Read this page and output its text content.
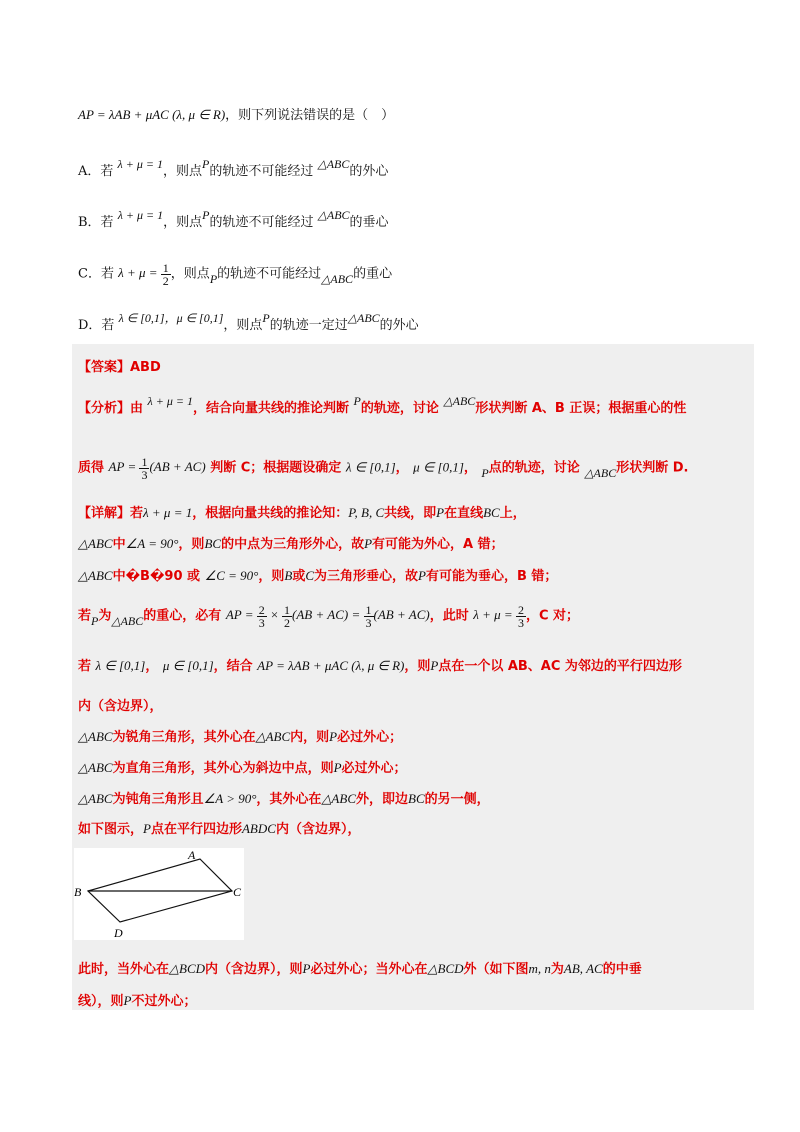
AP = λAB + μAC (λ, μ ∈ R)，则下列说法错误的是（　）
A．若 λ + μ = 1，则点P的轨迹不可能经过 △ABC的外心
B．若 λ + μ = 1，则点P的轨迹不可能经过 △ABC的垂心
C．若 $\lambda + \mu = \frac{1}{2}$ ，则点P的轨迹不可能经过△ABC的重心
D．若 λ ∈ [0,1]，μ ∈ [0,1]，则点P的轨迹一定过△ABC的外心
【答案】ABD
【分析】由 λ + μ = 1，结合向量共线的推论判断 P的轨迹，讨论 △ABC形状判断 A、B 正误；根据重心的性
质得 AP = $\frac{1}{3} (AB + AC)$ 判断 C；根据题设确定 λ ∈ [0,1]， μ ∈ [0,1]， P点的轨迹，讨论 △ABC形状判断 D.
【详解】若λ + μ = 1，根据向量共线的推论知：P, B, C共线，即P在直线BC上，
△ABC中∠A = 90°，则BC的中点为三角形外心，故P有可能为外心，A 错；
△ABC中�B�90 或 ∠C = 90°，则B或C为三角形垂心，故P有可能为垂心，B 错；
若P为△ABC的重心，必有 AP = $\frac{2}{3} \times \frac{1}{2} (AB + AC) = \frac{1}{3} (AB + AC)$，此时 $\lambda + \mu = \frac{2}{3}$ ，C 对；
若 λ ∈ [0,1]， μ ∈ [0,1]，结合 AP = λAB + μAC (λ, μ ∈ R)，则P点在一个以 AB、AC 为邻边的平行四边形
内（含边界），
△ABC为锐角三角形，其外心在△ABC内，则P必过外心；
△ABC为直角三角形，其外心为斜边中点，则P必过外心；
△ABC为钝角三角形且∠A > 90°，其外心在△ABC外，即边BC的另一侧，
如下图示，P点在平行四边形ABDC内（含边界），
A
B	C
D
此时，当外心在△BCD内（含边界），则P必过外心；当外心在△BCD外（如下图m, n为AB, AC的中垂
线），则P不过外心；
